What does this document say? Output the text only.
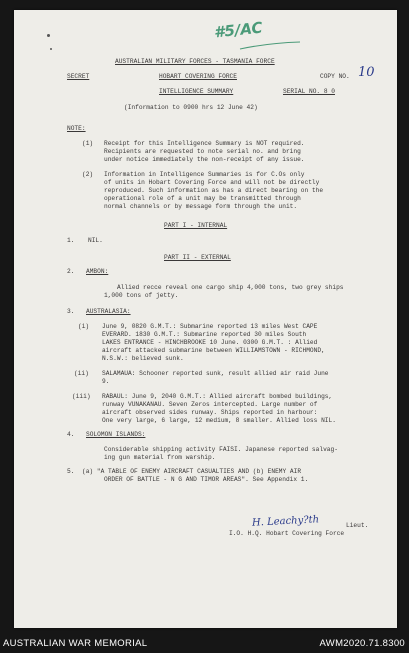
#5/AC
AUSTRALIAN MILITARY FORCES - TASMANIA FORCE
SECRET	HOBART COVERING FORCE	COPY NO. 10
INTELLIGENCE SUMMARY	SERIAL NO. 8 0
(Information to 0900 hrs 12 June 42)
NOTE:
(1) Receipt for this Intelligence Summary is NOT required.
Recipients are requested to note serial no. and bring
under notice immediately the non-receipt of any issue.
(2) Information in Intelligence Summaries is for C.Os only
of units in Hobart Covering Force and will not be directly
reproduced. Such information as has a direct bearing on the
operational role of a unit may be transmitted through
normal channels or by message form through the unit.
PART I - INTERNAL
1. NIL.
PART II - EXTERNAL
2. AMBON:
Allied recce reveal one cargo ship 4,000 tons, two grey ships
1,000 tons of jetty.
3. AUSTRALASIA:
(i) June 9, 0820 G.M.T.: Submarine reported 13 miles West CAPE
EVERARD. 1830 G.M.T.: Submarine reported 30 miles South
LAKES ENTRANCE - HINCHBROOKE 10 June. 0300 G.M.T. : Allied
aircraft attacked submarine between WILLIAMSTOWN - RICHMOND,
N.S.W.: believed sunk.
(ii) SALAMAUA: Schooner reported sunk, result allied air raid June
9.
(iii) RABAUL: June 9, 2040 G.M.T.: Allied aircraft bombed buildings,
runway VUNAKANAU. Seven Zeros intercepted. Large number of
aircraft observed sides runway. Ships reported in harbour:
One very large, 6 large, 12 medium, 8 smaller. Allied loss NIL.
4. SOLOMON ISLANDS:
Considerable shipping activity FAISI. Japanese reported salvag-
ing gun material from warship.
5. (a) "A TABLE OF ENEMY AIRCRAFT CASUALTIES AND (b) ENEMY AIR
ORDER OF BATTLE - N G AND TIMOR AREAS". See Appendix 1.
H. Leachy?th	Lieut.
I.O. H.Q. Hobart Covering Force
AUSTRALIAN WAR MEMORIAL	AWM2020.71.8300
